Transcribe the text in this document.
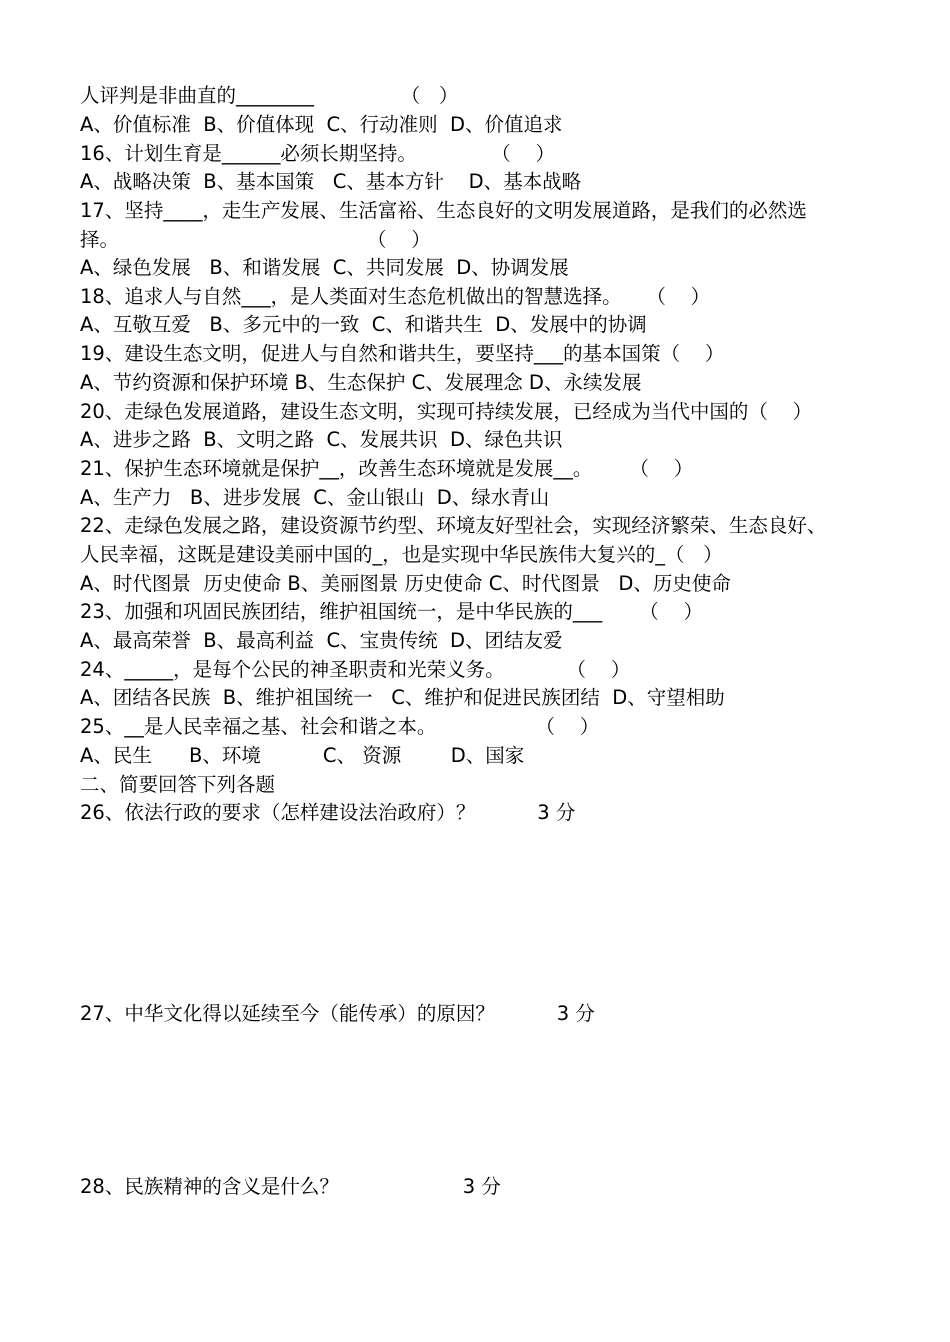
人评判是非曲直的________              （   ）
A、价值标准  B、价值体现  C、行动准则  D、价值追求
16、计划生育是______必须长期坚持。            （    ）
A、战略决策  B、基本国策   C、基本方针    D、基本战略
17、坚持____，走生产发展、生活富裕、生态良好的文明发展道路，是我们的必然选
择。                                        （    ）
A、绿色发展   B、和谐发展  C、共同发展  D、协调发展
18、追求人与自然___，是人类面对生态危机做出的智慧选择。    （    ）
A、互敬互爱   B、多元中的一致  C、和谐共生  D、发展中的协调
19、建设生态文明，促进人与自然和谐共生，要坚持___的基本国策（    ）
A、节约资源和保护环境 B、生态保护 C、发展理念 D、永续发展
20、走绿色发展道路，建设生态文明，实现可持续发展，已经成为当代中国的（    ）
A、进步之路  B、文明之路  C、发展共识  D、绿色共识
21、保护生态环境就是保护__，改善生态环境就是发展__。      （    ）
A、生产力   B、进步发展  C、金山银山  D、绿水青山
22、走绿色发展之路，建设资源节约型、环境友好型社会，实现经济繁荣、生态良好、
人民幸福，这既是建设美丽中国的_，也是实现中华民族伟大复兴的_（   ）
A、时代图景  历史使命 B、美丽图景 历史使命 C、时代图景   D、历史使命
23、加强和巩固民族团结，维护祖国统一，是中华民族的___      （    ）
A、最高荣誉  B、最高利益  C、宝贵传统  D、团结友爱
24、_____，是每个公民的神圣职责和光荣义务。          （    ）
A、团结各民族  B、维护祖国统一   C、维护和促进民族团结  D、守望相助
25、__是人民幸福之基、社会和谐之本。                （    ）
A、民生      B、环境          C、 资源        D、国家
二、简要回答下列各题
26、依法行政的要求（怎样建设法治政府）？          3 分
27、中华文化得以延续至今（能传承）的原因？          3 分
28、民族精神的含义是什么？                    3 分
